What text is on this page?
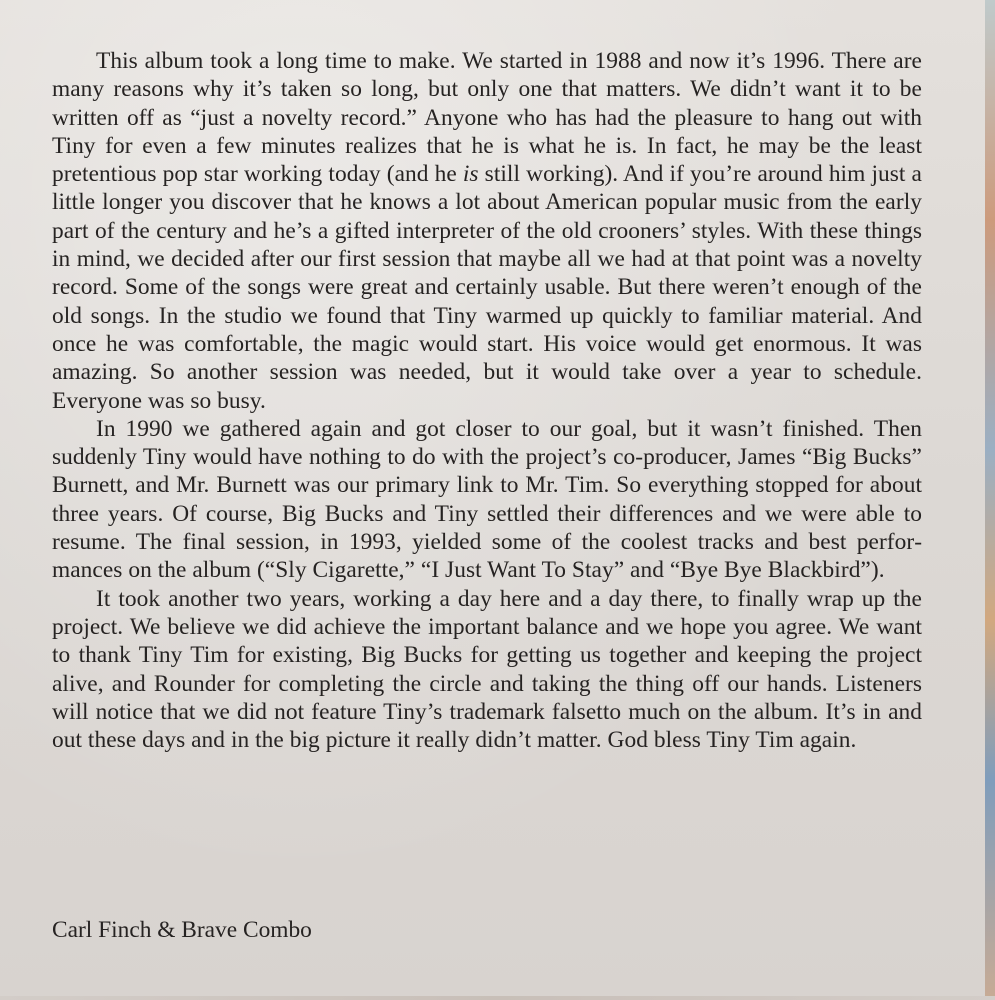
This album took a long time to make. We started in 1988 and now it’s 1996. There are many reasons why it’s taken so long, but only one that matters. We didn’t want it to be written off as “just a novelty record.” Anyone who has had the pleasure to hang out with Tiny for even a few minutes realizes that he is what he is. In fact, he may be the least pretentious pop star working today (and he is still working). And if you’re around him just a little longer you discover that he knows a lot about American popular music from the early part of the century and he’s a gifted interpreter of the old crooners’ styles. With these things in mind, we decided after our first session that maybe all we had at that point was a novelty record. Some of the songs were great and certainly usable. But there weren’t enough of the old songs. In the studio we found that Tiny warmed up quickly to familiar material. And once he was comfortable, the magic would start. His voice would get enormous. It was amazing. So another session was needed, but it would take over a year to schedule. Everyone was so busy.

In 1990 we gathered again and got closer to our goal, but it wasn’t finished. Then suddenly Tiny would have nothing to do with the project’s co-producer, James “Big Bucks” Burnett, and Mr. Burnett was our primary link to Mr. Tim. So everything stopped for about three years. Of course, Big Bucks and Tiny settled their differences and we were able to resume. The final session, in 1993, yielded some of the coolest tracks and best performances on the album (“Sly Cigarette,” “I Just Want To Stay” and “Bye Bye Blackbird”).

It took another two years, working a day here and a day there, to finally wrap up the project. We believe we did achieve the important balance and we hope you agree. We want to thank Tiny Tim for existing, Big Bucks for getting us together and keeping the project alive, and Rounder for completing the circle and taking the thing off our hands. Listeners will notice that we did not feature Tiny’s trademark falsetto much on the album. It’s in and out these days and in the big picture it really didn’t matter. God bless Tiny Tim again.

Carl Finch & Brave Combo
